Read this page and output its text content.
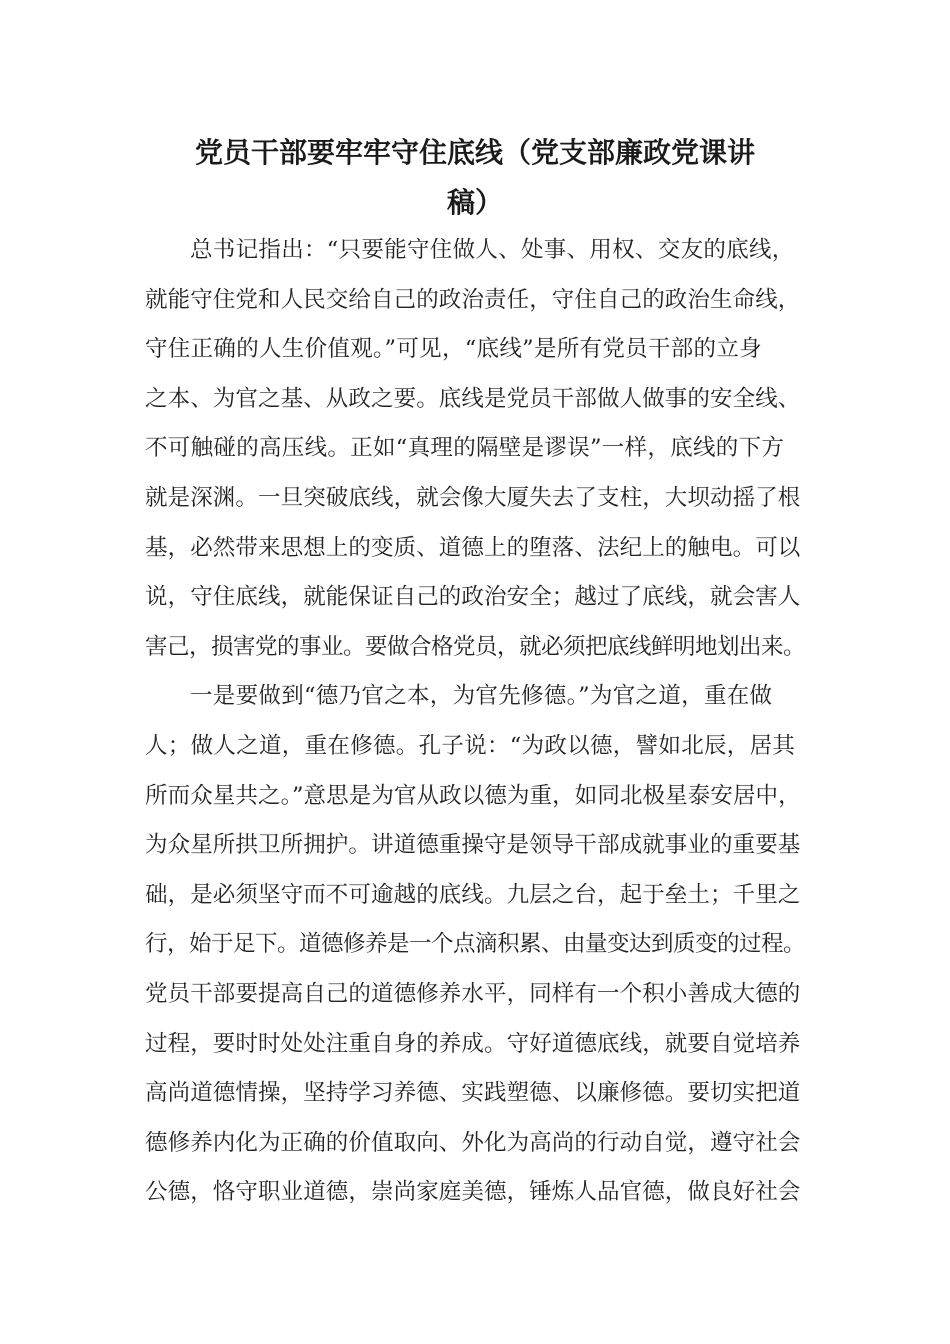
党员干部要牢牢守住底线（党支部廉政党课讲
稿）
总书记指出：“只要能守住做人、处事、用权、交友的底线，
就能守住党和人民交给自己的政治责任，守住自己的政治生命线，
守住正确的人生价值观。”可见，“底线”是所有党员干部的立身
之本、为官之基、从政之要。底线是党员干部做人做事的安全线、
不可触碰的高压线。正如“真理的隔壁是谬误”一样，底线的下方
就是深渊。一旦突破底线，就会像大厦失去了支柱，大坝动摇了根
基，必然带来思想上的变质、道德上的堕落、法纪上的触电。可以
说，守住底线，就能保证自己的政治安全；越过了底线，就会害人
害己，损害党的事业。要做合格党员，就必须把底线鲜明地划出来。
一是要做到“德乃官之本，为官先修德。”为官之道，重在做
人；做人之道，重在修德。孔子说：“为政以德，譬如北辰，居其
所而众星共之。”意思是为官从政以德为重，如同北极星泰安居中，
为众星所拱卫所拥护。讲道德重操守是领导干部成就事业的重要基
础，是必须坚守而不可逾越的底线。九层之台，起于垒土；千里之
行，始于足下。道德修养是一个点滴积累、由量变达到质变的过程。
党员干部要提高自己的道德修养水平，同样有一个积小善成大德的
过程，要时时处处注重自身的养成。守好道德底线，就要自觉培养
高尚道德情操，坚持学习养德、实践塑德、以廉修德。要切实把道
德修养内化为正确的价值取向、外化为高尚的行动自觉，遵守社会
公德，恪守职业道德，崇尚家庭美德，锤炼人品官德，做良好社会
